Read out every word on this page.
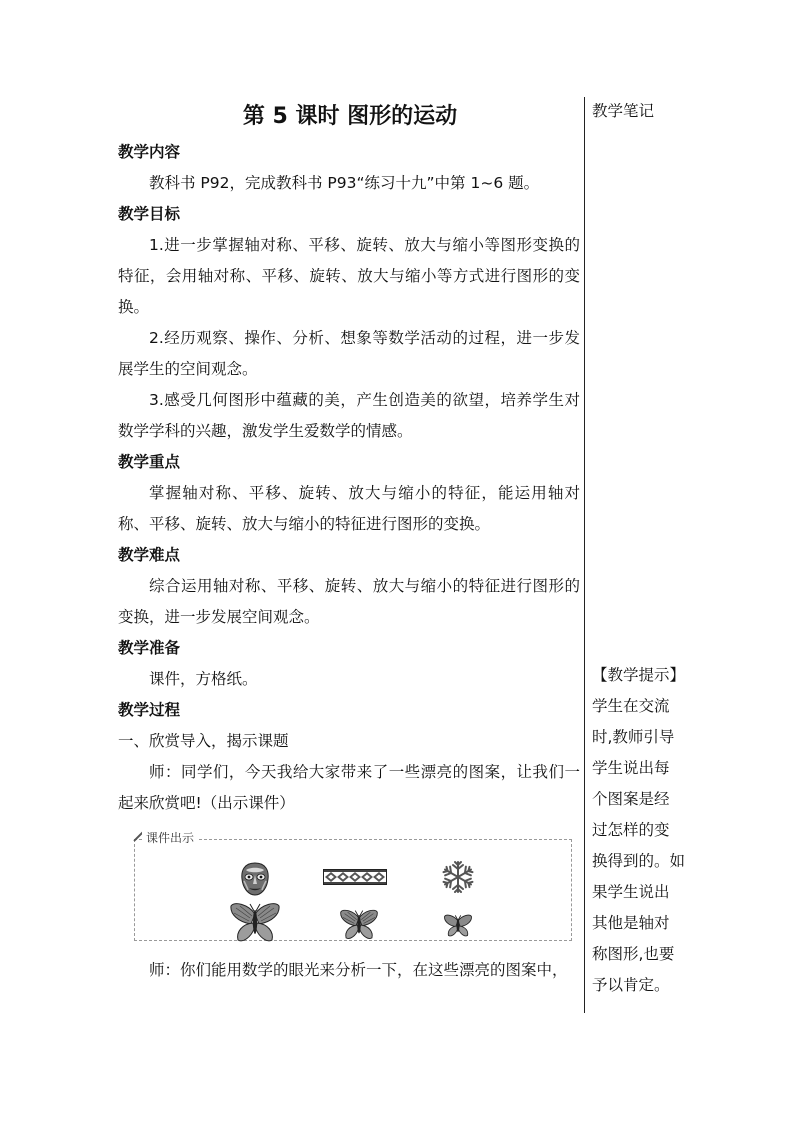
第 5 课时 图形的运动	教学笔记

教学内容

教科书 P92，完成教科书 P93“练习十九”中第 1~6 题。

教学目标

1.进一步掌握轴对称、平移、旋转、放大与缩小等图形变换的特征，会用轴对称、平移、旋转、放大与缩小等方式进行图形的变换。

2.经历观察、操作、分析、想象等数学活动的过程，进一步发展学生的空间观念。

3.感受几何图形中蕴藏的美，产生创造美的欲望，培养学生对数学学科的兴趣，激发学生爱数学的情感。

教学重点

掌握轴对称、平移、旋转、放大与缩小的特征，能运用轴对称、平移、旋转、放大与缩小的特征进行图形的变换。

教学难点

综合运用轴对称、平移、旋转、放大与缩小的特征进行图形的变换，进一步发展空间观念。

教学准备

课件，方格纸。

教学过程

一、欣赏导入，揭示课题

师：同学们，今天我给大家带来了一些漂亮的图案，让我们一起来欣赏吧!（出示课件）

课件出示

师：你们能用数学的眼光来分析一下，在这些漂亮的图案中，

【教学提示】
学生在交流
时,教师引导
学生说出每
个图案是经
过怎样的变
换得到的。如
果学生说出
其他是轴对
称图形,也要
予以肯定。
